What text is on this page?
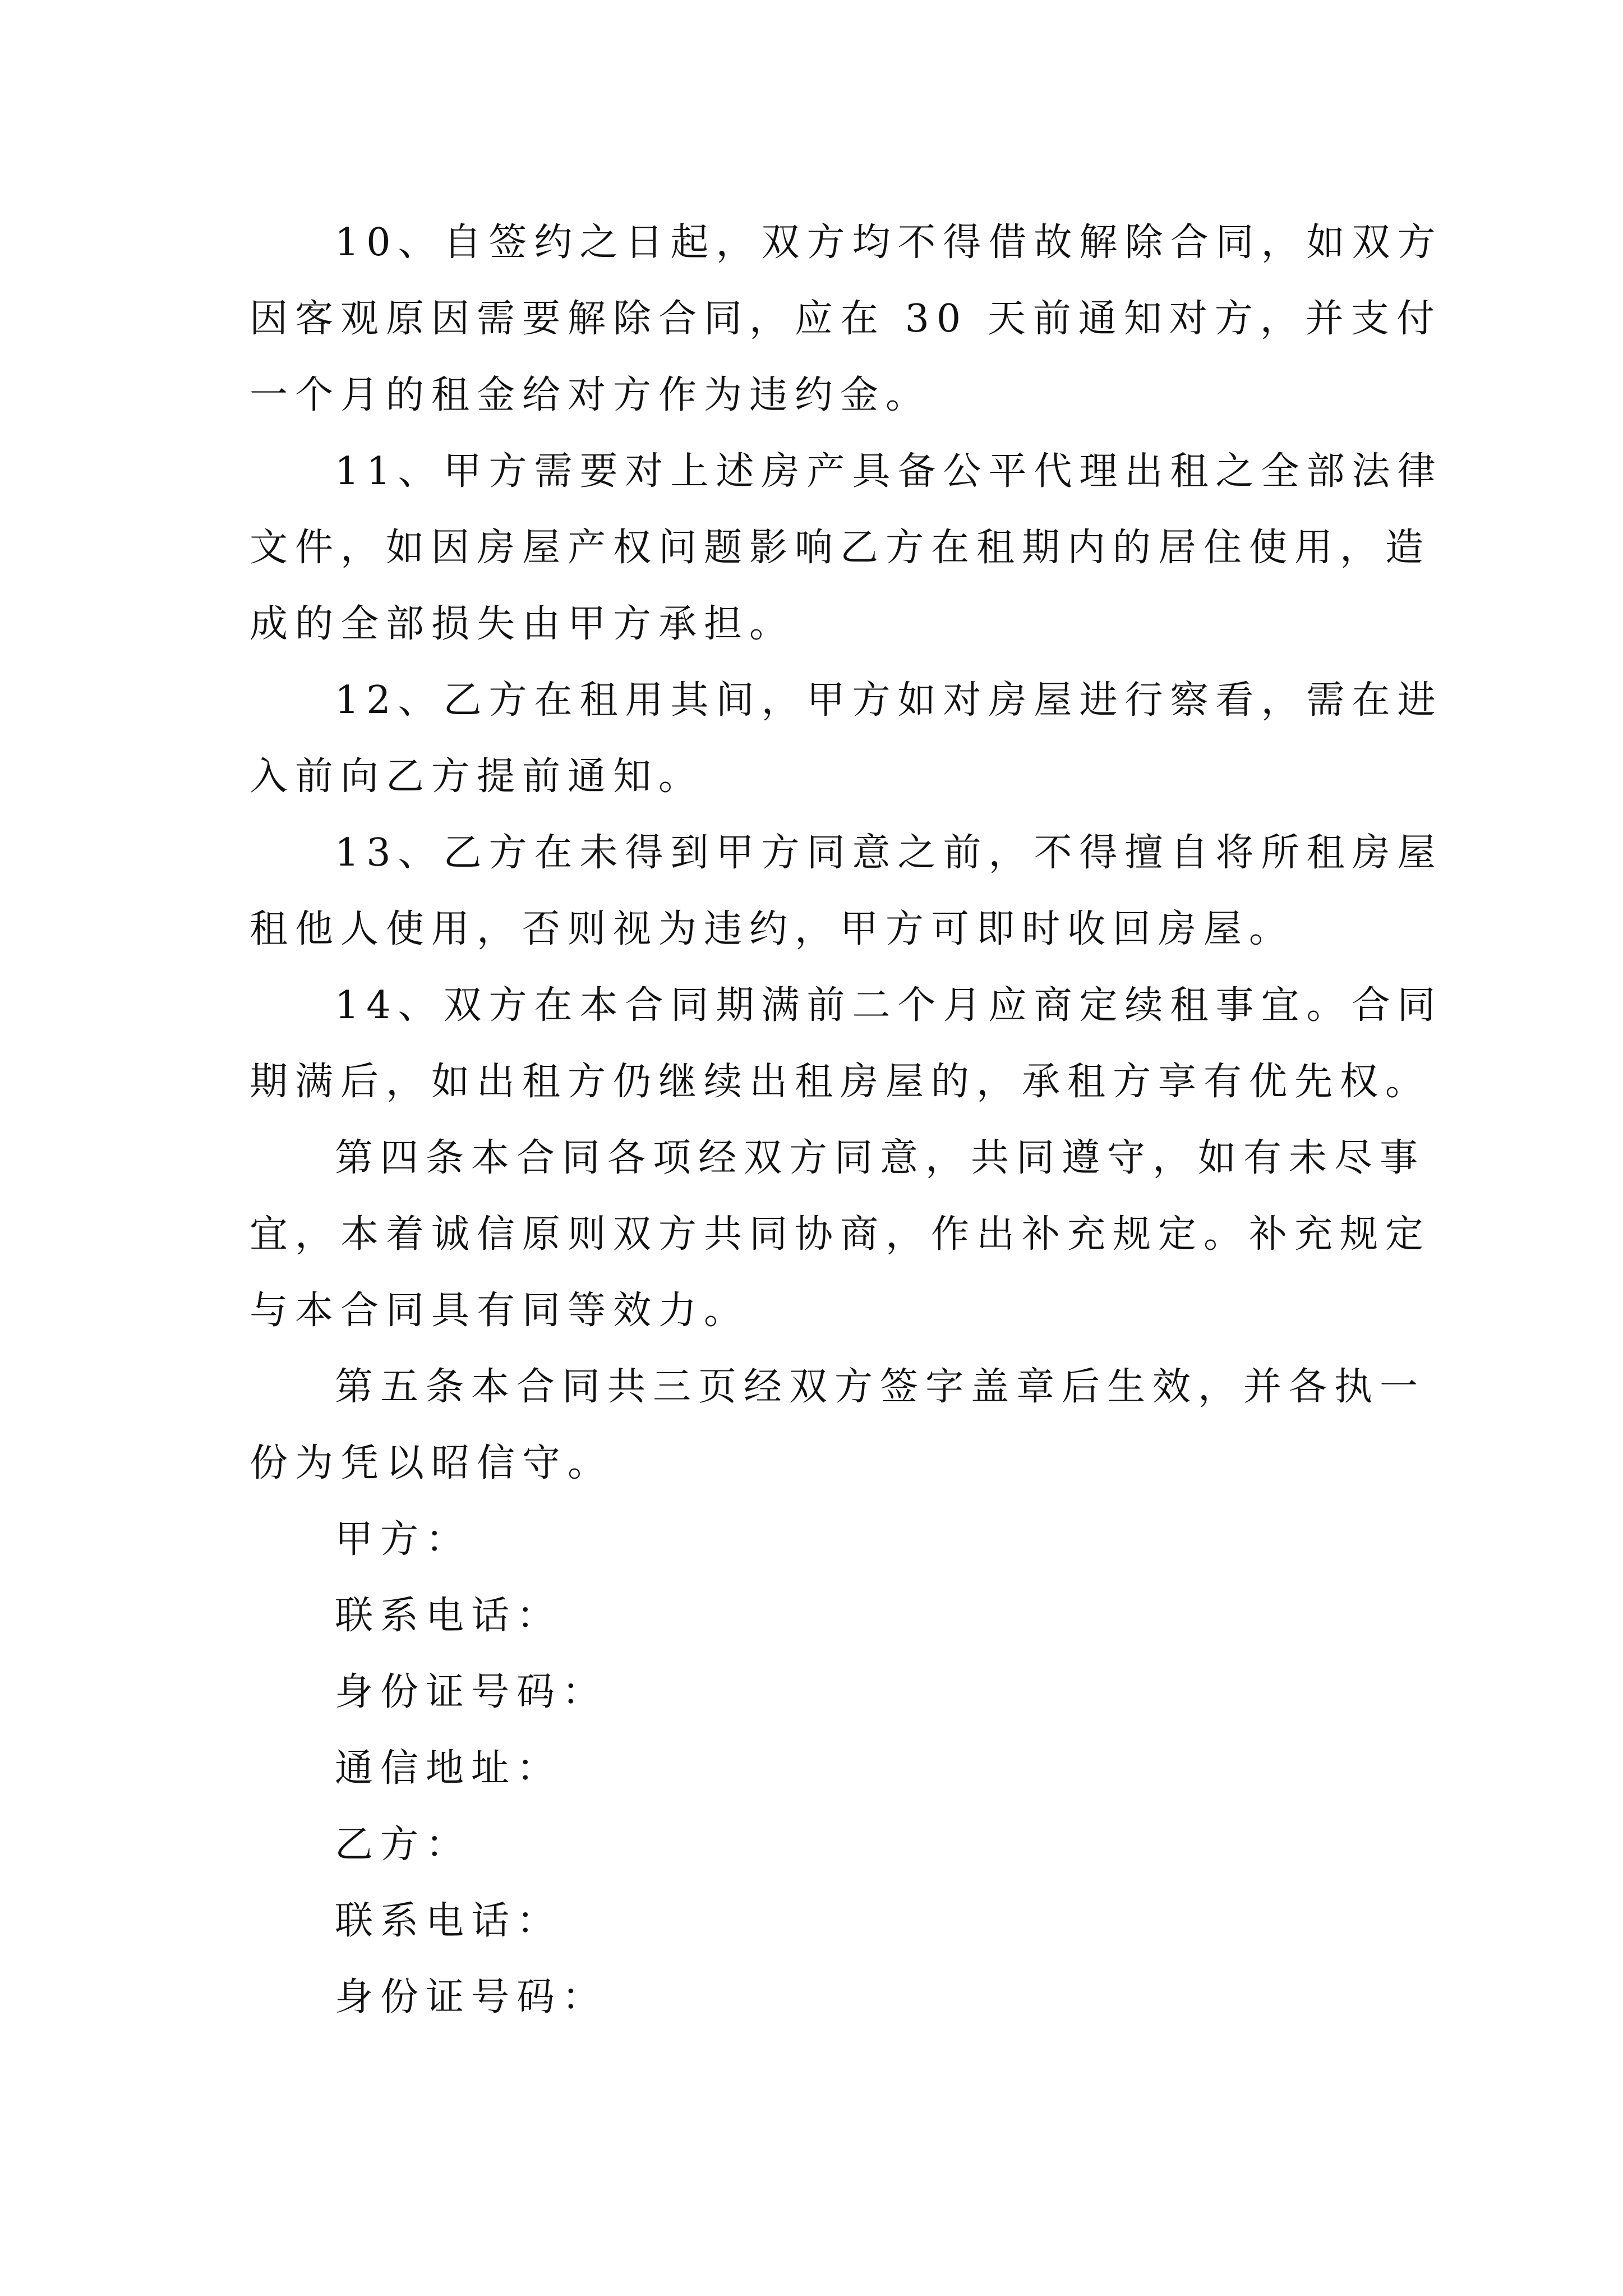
10、自签约之日起，双方均不得借故解除合同，如双方
因客观原因需要解除合同，应在 30 天前通知对方，并支付
一个月的租金给对方作为违约金。
11、甲方需要对上述房产具备公平代理出租之全部法律
文件，如因房屋产权问题影响乙方在租期内的居住使用，造
成的全部损失由甲方承担。
12、乙方在租用其间，甲方如对房屋进行察看，需在进
入前向乙方提前通知。
13、乙方在未得到甲方同意之前，不得擅自将所租房屋
租他人使用，否则视为违约，甲方可即时收回房屋。
14、双方在本合同期满前二个月应商定续租事宜。合同
期满后，如出租方仍继续出租房屋的，承租方享有优先权。
第四条本合同各项经双方同意，共同遵守，如有未尽事
宜，本着诚信原则双方共同协商，作出补充规定。补充规定
与本合同具有同等效力。
第五条本合同共三页经双方签字盖章后生效，并各执一
份为凭以昭信守。
甲方：
联系电话：
身份证号码：
通信地址：
乙方：
联系电话：
身份证号码：
